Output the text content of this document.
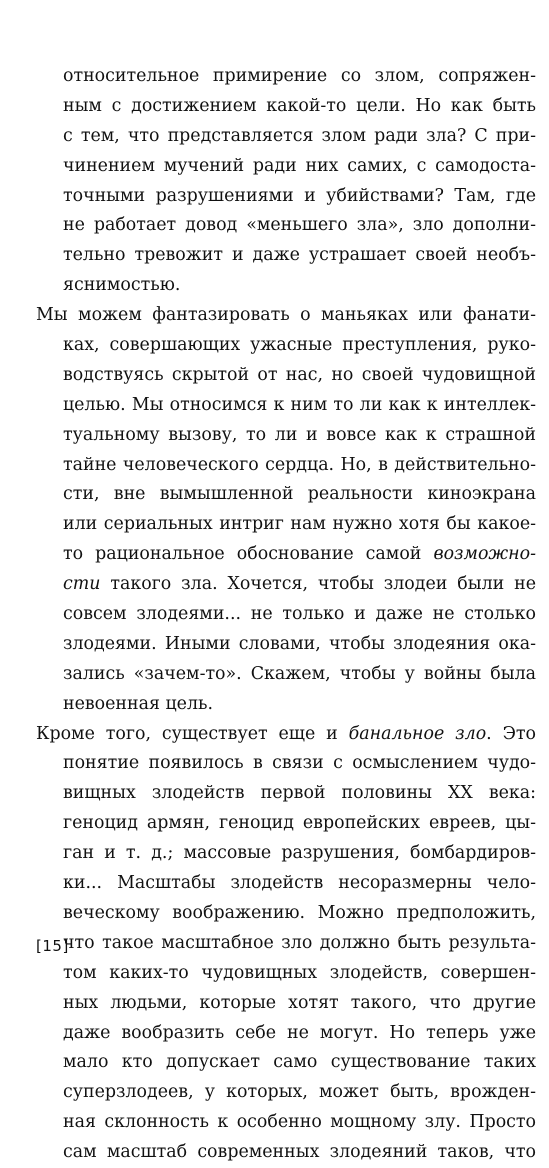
относительное примирение со злом, сопряжен-
ным с достижением какой-то цели. Но как быть
с тем, что представляется злом ради зла? С при-
чинением мучений ради них самих, с самодоста-
точными разрушениями и убийствами? Там, где
не работает довод «меньшего зла», зло дополни-
тельно тревожит и даже устрашает своей необъ-
яснимостью.
Мы можем фантазировать о маньяках или фанати-
ках, совершающих ужасные преступления, руко-
водствуясь скрытой от нас, но своей чудовищной
целью. Мы относимся к ним то ли как к интеллек-
туальному вызову, то ли и вовсе как к страшной
тайне человеческого сердца. Но, в действительно-
сти, вне вымышленной реальности киноэкрана
или сериальных интриг нам нужно хотя бы какое-
то рациональное обоснование самой возможно-
сти такого зла. Хочется, чтобы злодеи были не
совсем злодеями... не только и даже не столько
злодеями. Иными словами, чтобы злодеяния ока-
зались «зачем-то». Скажем, чтобы у войны была
невоенная цель.
Кроме того, существует еще и банальное зло. Это
понятие появилось в связи с осмыслением чудо-
вищных злодейств первой половины XX века:
геноцид армян, геноцид европейских евреев, цы-
ган и т. д.; массовые разрушения, бомбардиров-
ки... Масштабы злодейств несоразмерны чело-
веческому воображению. Можно предположить,
что такое масштабное зло должно быть результа-
том каких-то чудовищных злодейств, совершен-
ных людьми, которые хотят такого, что другие
даже вообразить себе не могут. Но теперь уже
мало кто допускает само существование таких
суперзлодеев, у которых, может быть, врожден-
ная склонность к особенно мощному злу. Просто
сам масштаб современных злодеяний таков, что
[15]
